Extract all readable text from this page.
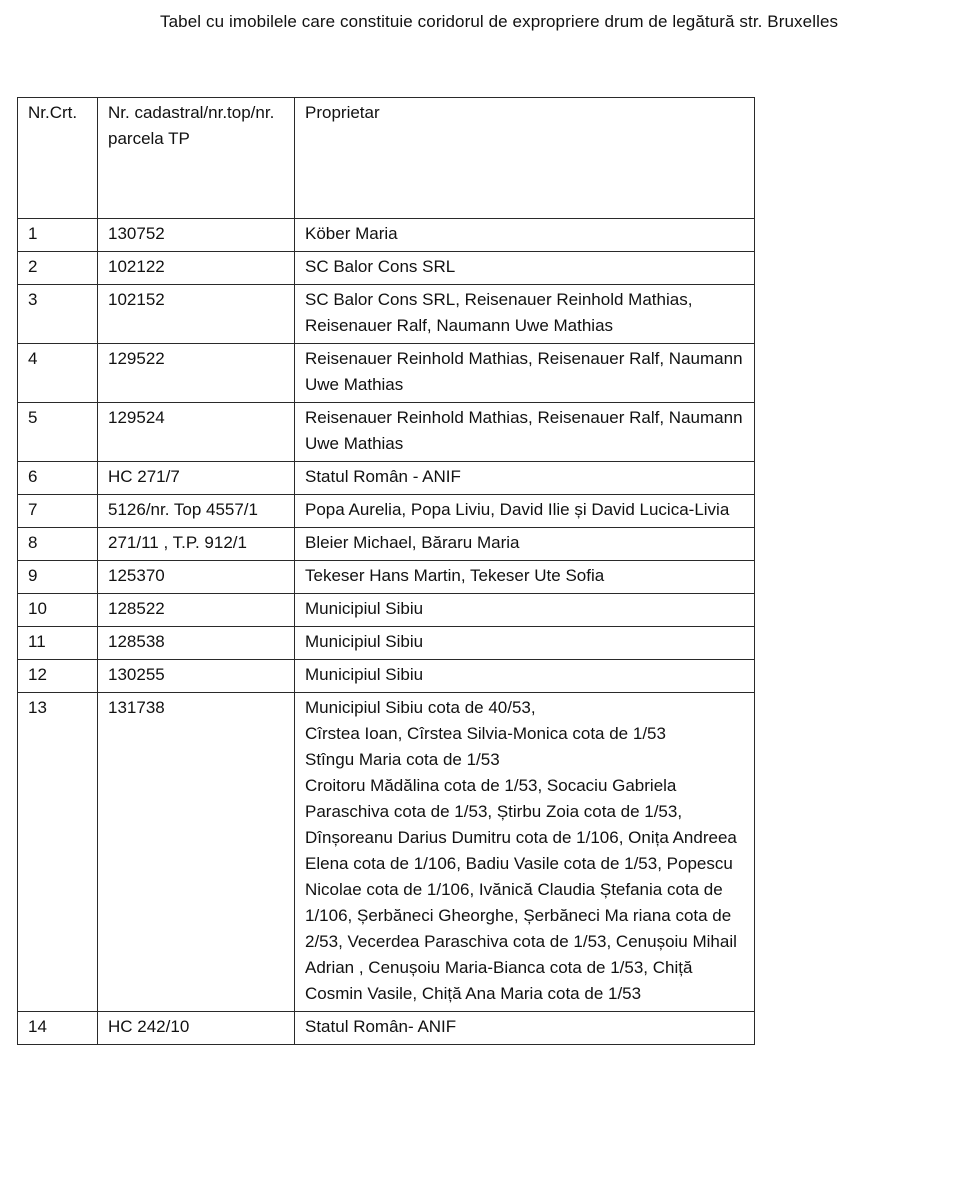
Tabel cu imobilele care constituie coridorul de expropriere drum de legătură str. Bruxelles
Nr.Crt.	Nr. cadastral/nr.top/nr. parcela TP	Proprietar
1	130752	Köber Maria
2	102122	SC Balor Cons SRL
3	102152	SC Balor Cons SRL, Reisenauer Reinhold Mathias, Reisenauer Ralf, Naumann Uwe Mathias
4	129522	Reisenauer Reinhold Mathias, Reisenauer Ralf, Naumann Uwe Mathias
5	129524	Reisenauer Reinhold Mathias, Reisenauer Ralf, Naumann Uwe Mathias
6	HC 271/7	Statul Român - ANIF
7	5126/nr. Top 4557/1	Popa Aurelia, Popa Liviu, David Ilie și David Lucica-Livia
8	271/11 , T.P. 912/1	Bleier Michael, Băraru Maria
9	125370	Tekeser Hans Martin, Tekeser Ute Sofia
10	128522	Municipiul Sibiu
11	128538	Municipiul Sibiu
12	130255	Municipiul Sibiu
13	131738	Municipiul Sibiu cota de 40/53,
Cîrstea Ioan, Cîrstea Silvia-Monica cota de 1/53
Stîngu Maria cota de 1/53
Croitoru Mădălina cota de 1/53, Socaciu Gabriela Paraschiva cota de 1/53, Știrbu Zoia cota de 1/53, Dînșoreanu Darius Dumitru cota de 1/106, Onița Andreea Elena cota de 1/106, Badiu Vasile cota de 1/53, Popescu Nicolae cota de 1/106, Ivănică Claudia Ștefania cota de 1/106, Șerbăneci Gheorghe, Șerbăneci Ma riana cota de 2/53, Vecerdea Paraschiva cota de 1/53, Cenușoiu Mihail Adrian , Cenușoiu Maria-Bianca cota de 1/53, Chiță Cosmin Vasile, Chiță Ana Maria cota de 1/53

14	HC 242/10	Statul Român- ANIF
